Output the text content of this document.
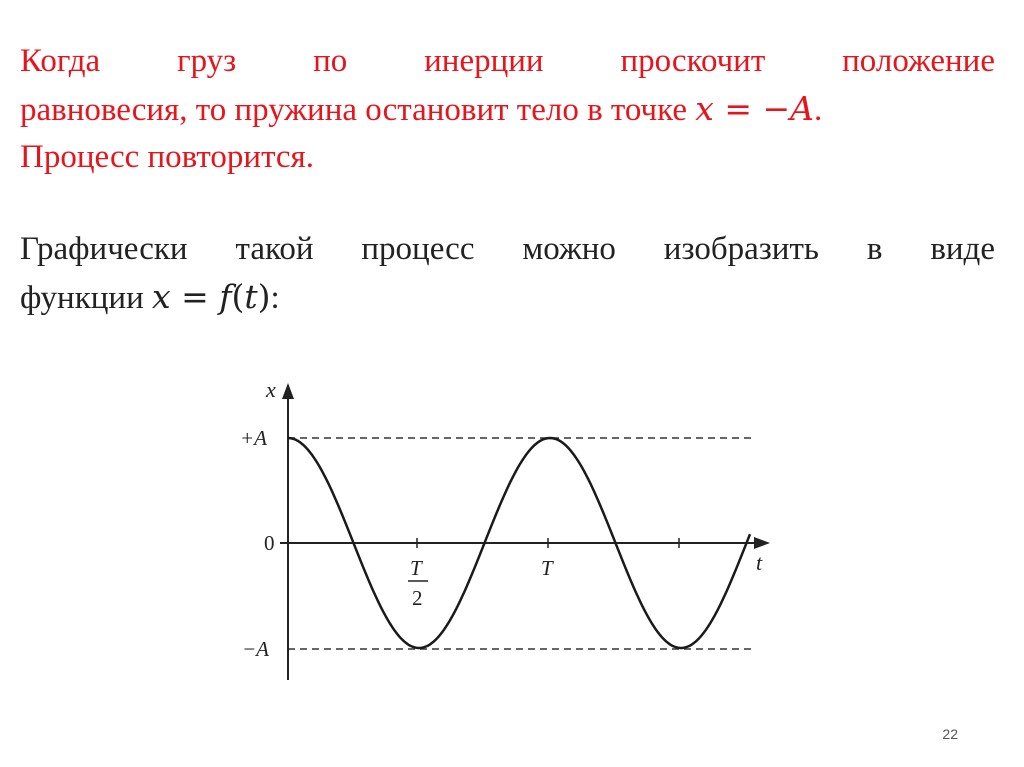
Когда груз по инерции проскочит положение
равновесия, то пружина остановит тело в точке x = −A.
Процесс повторится.
Графически такой процесс можно изобразить в виде
функции x = f(t):
x
+A
0
−A
t
T
2
T
22
